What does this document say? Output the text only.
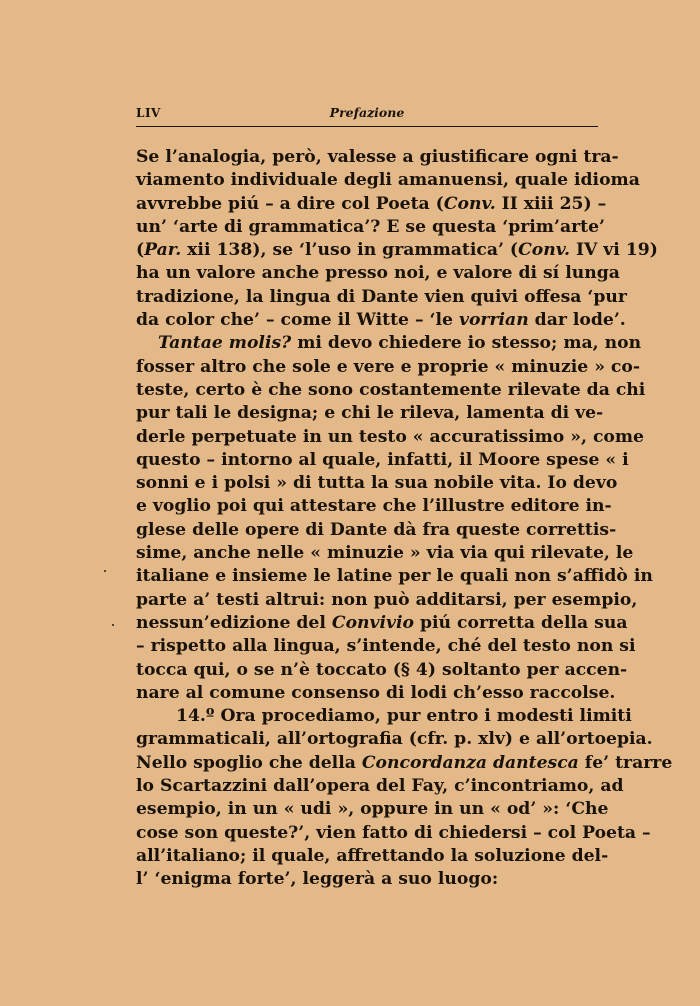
LIV	Prefazione
Se l’analogia, però, valesse a giustificare ogni tra-
viamento individuale degli amanuensi, quale idioma
avvrebbe piú – a dire col Poeta (Conv. II xiii 25) –
un’ ‘arte di grammatica’? E se questa ‘prim’arte’
(Par. xii 138), se ‘l’uso in grammatica’ (Conv. IV vi 19)
ha un valore anche presso noi, e valore di sí lunga
tradizione, la lingua di Dante vien quivi offesa ‘pur
da color che’ – come il Witte – ‘le vorrian dar lode’.
Tantae molis? mi devo chiedere io stesso; ma, non
fosser altro che sole e vere e proprie « minuzie » co-
teste, certo è che sono costantemente rilevate da chi
pur tali le designa; e chi le rileva, lamenta di ve-
derle perpetuate in un testo « accuratissimo », come
questo – intorno al quale, infatti, il Moore spese « i
sonni e i polsi » di tutta la sua nobile vita. Io devo
e voglio poi qui attestare che l’illustre editore in-
glese delle opere di Dante dà fra queste correttis-
sime, anche nelle « minuzie » via via qui rilevate, le
italiane e insieme le latine per le quali non s’affidò in
parte a’ testi altrui: non può additarsi, per esempio,
nessun’edizione del Convivio piú corretta della sua
– rispetto alla lingua, s’intende, ché del testo non si
tocca qui, o se n’è toccato (§ 4) soltanto per accen-
nare al comune consenso di lodi ch’esso raccolse.
14.º Ora procediamo, pur entro i modesti limiti
grammaticali, all’ortografia (cfr. p. xlv) e all’ortoepia.
Nello spoglio che della Concordanza dantesca fe’ trarre
lo Scartazzini dall’opera del Fay, c’incontriamo, ad
esempio, in un « udi », oppure in un « od’ »: ‘Che
cose son queste?’, vien fatto di chiedersi – col Poeta –
all’italiano; il quale, affrettando la soluzione del-
l’ ‘enigma forte’, leggerà a suo luogo:
